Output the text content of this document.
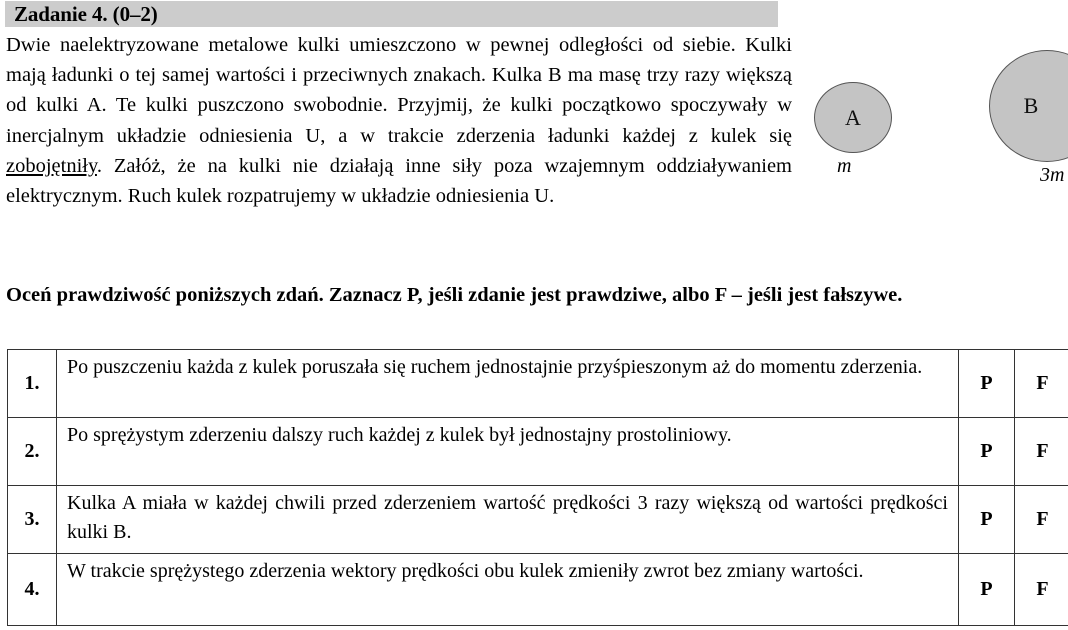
Zadanie 4. (0–2)
Dwie naelektryzowane metalowe kulki umieszczono w pewnej odległości od siebie. Kulki mają ładunki o tej samej wartości i przeciwnych znakach. Kulka B ma masę trzy razy większą od kulki A. Te kulki puszczono swobodnie. Przyjmij, że kulki początkowo spoczywały w inercjalnym układzie odniesienia U, a w trakcie zderzenia ładunki każdej z kulek się zobojętniły. Załóż, że na kulki nie działają inne siły poza wzajemnym oddziaływaniem elektrycznym. Ruch kulek rozpatrujemy w układzie odniesienia U.
A
m
B
3m
Oceń prawdziwość poniższych zdań. Zaznacz P, jeśli zdanie jest prawdziwe, albo F – jeśli jest fałszywe.
1.	Po puszczeniu każda z kulek poruszała się ruchem jednostajnie przyśpieszonym aż do momentu zderzenia.	P	F
2.	Po sprężystym zderzeniu dalszy ruch każdej z kulek był jednostajny prostoliniowy.	P	F
3.	Kulka A miała w każdej chwili przed zderzeniem wartość prędkości 3 razy większą od wartości prędkości kulki B.	P	F
4.	W trakcie sprężystego zderzenia wektory prędkości obu kulek zmieniły zwrot bez zmiany wartości.	P	F
